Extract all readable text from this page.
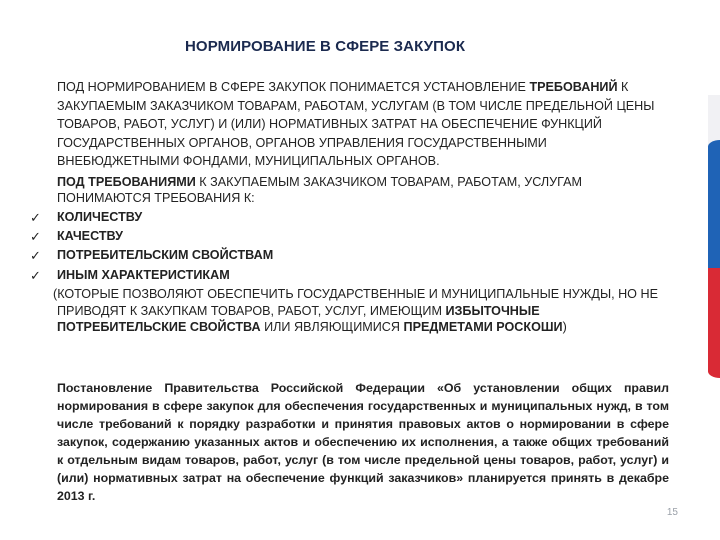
НОРМИРОВАНИЕ В СФЕРЕ ЗАКУПОК
ПОД НОРМИРОВАНИЕМ В СФЕРЕ ЗАКУПОК ПОНИМАЕТСЯ УСТАНОВЛЕНИЕ ТРЕБОВАНИЙ К ЗАКУПАЕМЫМ ЗАКАЗЧИКОМ ТОВАРАМ, РАБОТАМ, УСЛУГАМ (В ТОМ ЧИСЛЕ ПРЕДЕЛЬНОЙ ЦЕНЫ ТОВАРОВ, РАБОТ, УСЛУГ) И (ИЛИ) НОРМАТИВНЫХ ЗАТРАТ НА ОБЕСПЕЧЕНИЕ ФУНКЦИЙ ГОСУДАРСТВЕННЫХ ОРГАНОВ, ОРГАНОВ УПРАВЛЕНИЯ ГОСУДАРСТВЕННЫМИ ВНЕБЮДЖЕТНЫМИ ФОНДАМИ, МУНИЦИПАЛЬНЫХ ОРГАНОВ.
ПОД ТРЕБОВАНИЯМИ К ЗАКУПАЕМЫМ ЗАКАЗЧИКОМ ТОВАРАМ, РАБОТАМ, УСЛУГАМ ПОНИМАЮТСЯ ТРЕБОВАНИЯ К:
✓	КОЛИЧЕСТВУ
✓	КАЧЕСТВУ
✓	ПОТРЕБИТЕЛЬСКИМ СВОЙСТВАМ
✓	ИНЫМ ХАРАКТЕРИСТИКАМ
(КОТОРЫЕ ПОЗВОЛЯЮТ ОБЕСПЕЧИТЬ ГОСУДАРСТВЕННЫЕ И МУНИЦИПАЛЬНЫЕ НУЖДЫ, НО НЕ ПРИВОДЯТ К ЗАКУПКАМ ТОВАРОВ, РАБОТ, УСЛУГ, ИМЕЮЩИМ ИЗБЫТОЧНЫЕ ПОТРЕБИТЕЛЬСКИЕ СВОЙСТВА ИЛИ ЯВЛЯЮЩИМИСЯ ПРЕДМЕТАМИ РОСКОШИ)
Постановление Правительства Российской Федерации «Об установлении общих правил нормирования в сфере закупок для обеспечения государственных и муниципальных нужд, в том числе требований к порядку разработки и принятия правовых актов о нормировании в сфере закупок, содержанию указанных актов и обеспечению их исполнения, а также общих требований к отдельным видам товаров, работ, услуг (в том числе предельной цены товаров, работ, услуг) и (или) нормативных затрат на обеспечение функций заказчиков» планируется принять в декабре 2013 г.
15
